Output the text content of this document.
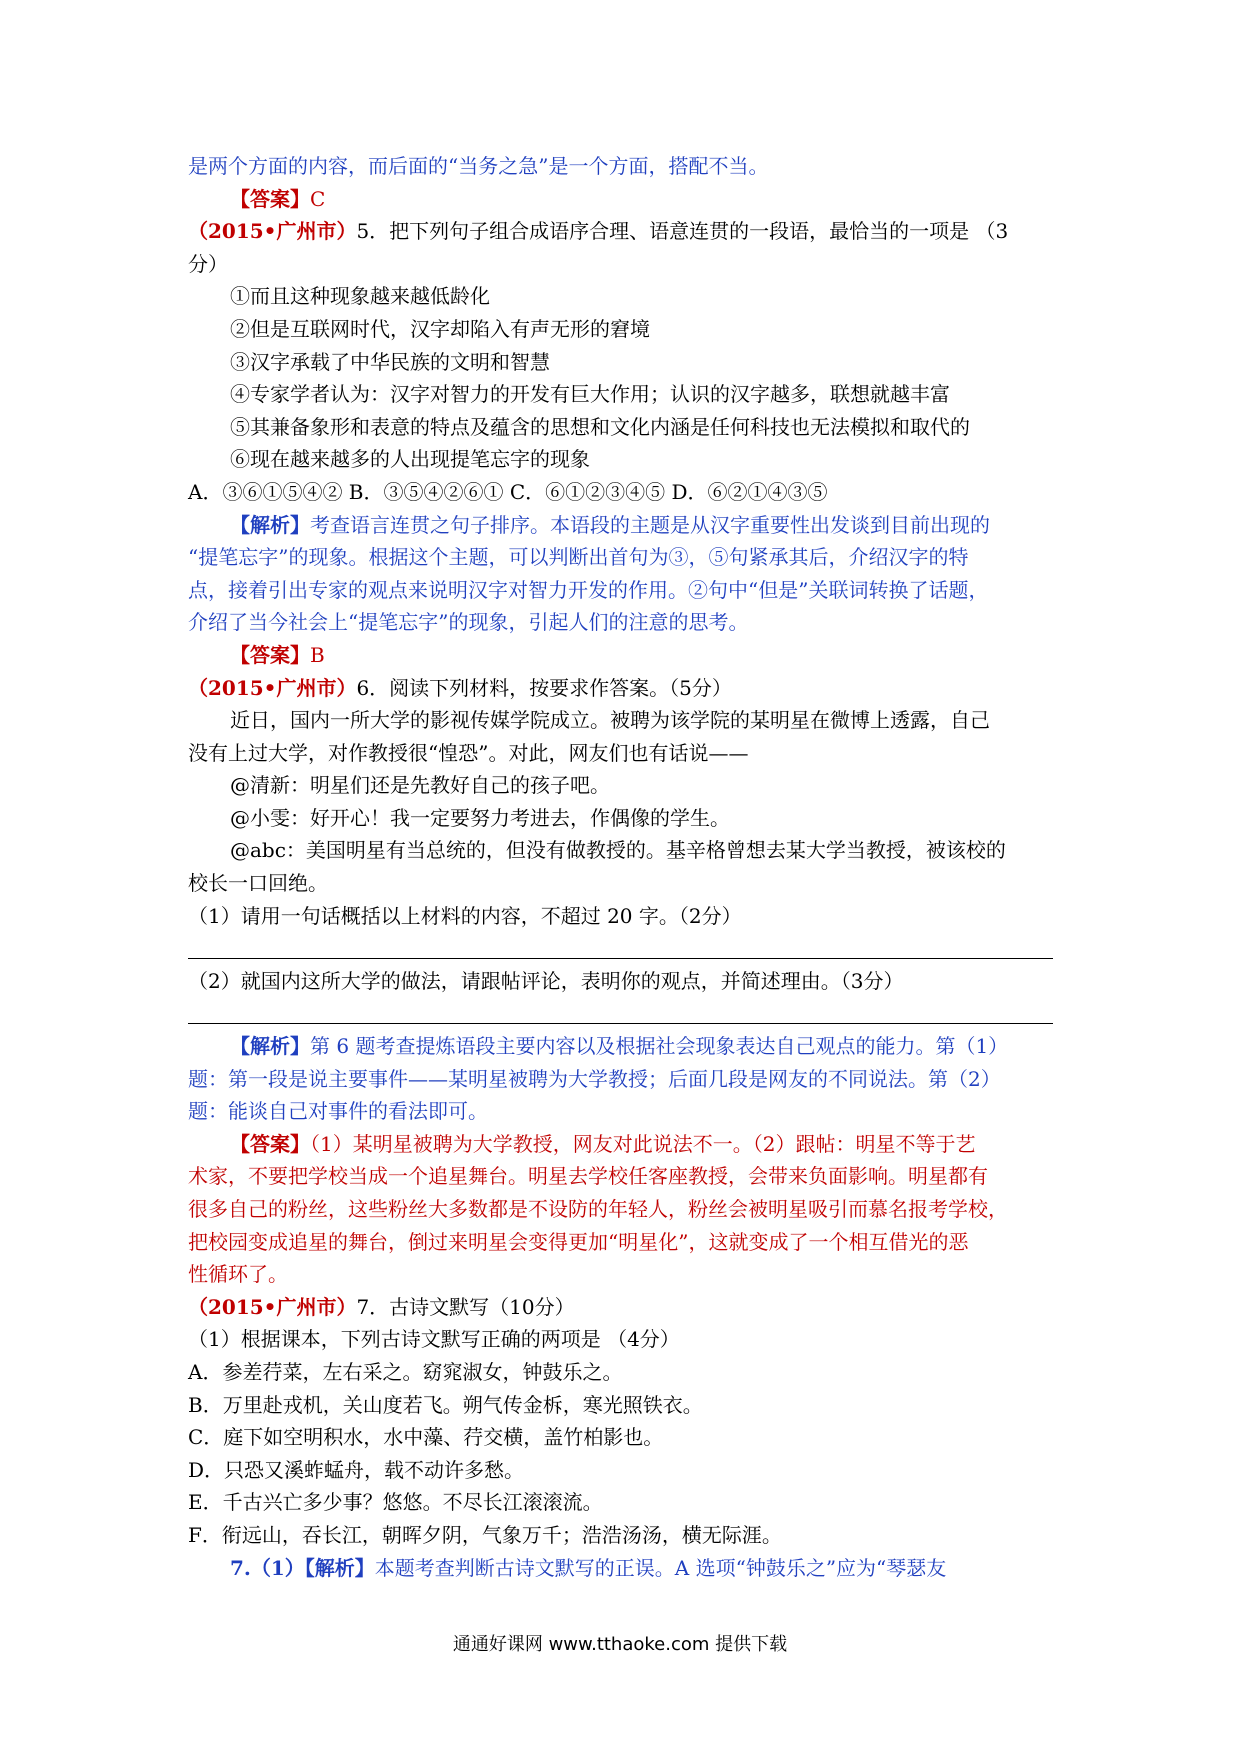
是两个方面的内容，而后面的“当务之急”是一个方面，搭配不当。
【答案】C
（2015•广州市）5．把下列句子组合成语序合理、语意连贯的一段语，最恰当的一项是 （3
分）
①而且这种现象越来越低龄化
②但是互联网时代，汉字却陷入有声无形的窘境
③汉字承载了中华民族的文明和智慧
④专家学者认为：汉字对智力的开发有巨大作用；认识的汉字越多，联想就越丰富
⑤其兼备象形和表意的特点及蕴含的思想和文化内涵是任何科技也无法模拟和取代的
⑥现在越来越多的人出现提笔忘字的现象
A．③⑥①⑤④② B．③⑤④②⑥① C．⑥①②③④⑤ D．⑥②①④③⑤
【解析】考查语言连贯之句子排序。本语段的主题是从汉字重要性出发谈到目前出现的
“提笔忘字”的现象。根据这个主题，可以判断出首句为③，⑤句紧承其后，介绍汉字的特
点，接着引出专家的观点来说明汉字对智力开发的作用。②句中“但是”关联词转换了话题，
介绍了当今社会上“提笔忘字”的现象，引起人们的注意的思考。
【答案】B
（2015•广州市）6．阅读下列材料，按要求作答案。（5分）
近日，国内一所大学的影视传媒学院成立。被聘为该学院的某明星在微博上透露，自己
没有上过大学，对作教授很“惶恐”。对此，网友们也有话说——
@清新：明星们还是先教好自己的孩子吧。
@小雯：好开心！我一定要努力考进去，作偶像的学生。
@abc：美国明星有当总统的，但没有做教授的。基辛格曾想去某大学当教授，被该校的
校长一口回绝。
（1）请用一句话概括以上材料的内容，不超过 20 字。（2分）
（2）就国内这所大学的做法，请跟帖评论，表明你的观点，并简述理由。（3分）
【解析】第 6 题考查提炼语段主要内容以及根据社会现象表达自己观点的能力。第（1）
题：第一段是说主要事件——某明星被聘为大学教授；后面几段是网友的不同说法。第（2）
题：能谈自己对事件的看法即可。
【答案】（1）某明星被聘为大学教授，网友对此说法不一。（2）跟帖：明星不等于艺
术家，不要把学校当成一个追星舞台。明星去学校任客座教授，会带来负面影响。明星都有
很多自己的粉丝，这些粉丝大多数都是不设防的年轻人，粉丝会被明星吸引而慕名报考学校，
把校园变成追星的舞台，倒过来明星会变得更加“明星化”，这就变成了一个相互借光的恶
性循环了。
（2015•广州市）7．古诗文默写（10分）
（1）根据课本，下列古诗文默写正确的两项是 （4分）
A．参差荇菜，左右采之。窈窕淑女，钟鼓乐之。
B．万里赴戎机，关山度若飞。朔气传金柝，寒光照铁衣。
C．庭下如空明积水，水中藻、荇交横，盖竹柏影也。
D．只恐又溪蚱蜢舟，载不动许多愁。
E．千古兴亡多少事？悠悠。不尽长江滚滚流。
F．衔远山，吞长江，朝晖夕阴，气象万千；浩浩汤汤，横无际涯。
7.（1）【解析】本题考查判断古诗文默写的正误。A 选项“钟鼓乐之”应为“琴瑟友
通通好课网 www.tthaoke.com 提供下载
